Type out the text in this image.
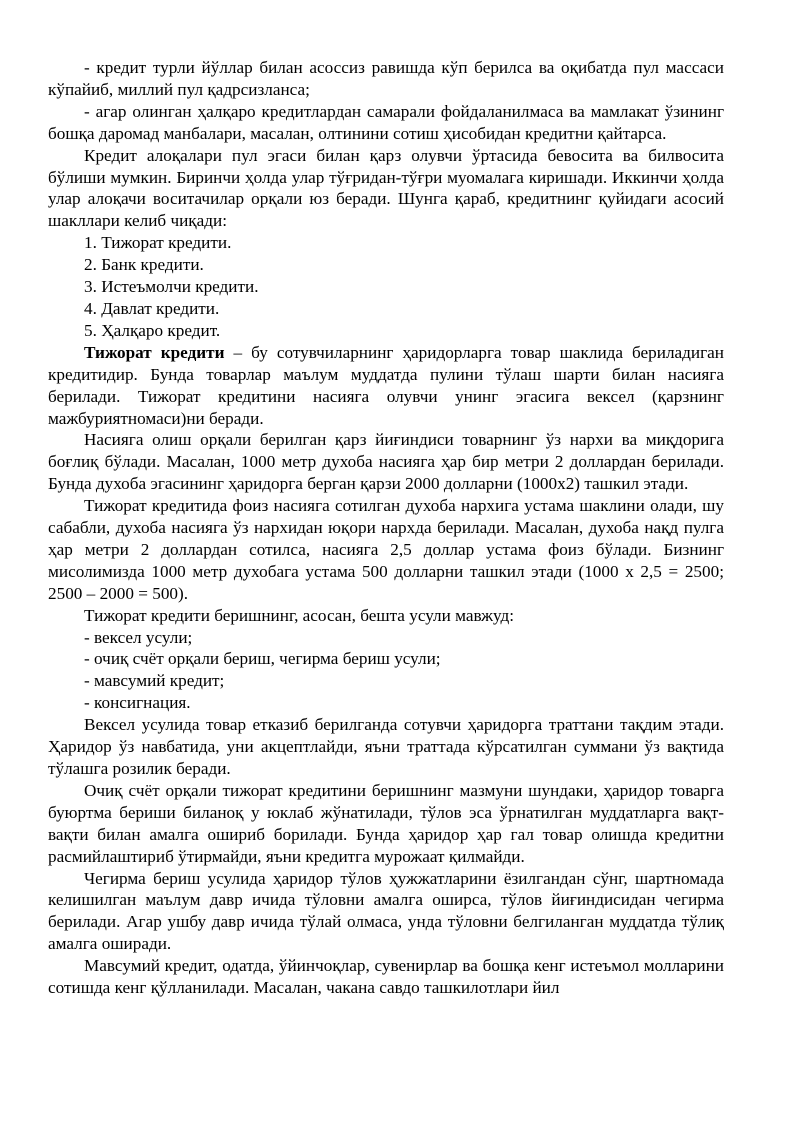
- кредит турли йўллар билан асоссиз равишда кўп берилса ва оқибатда пул массаси кўпайиб, миллий пул қадрсизланса;

- агар олинган ҳалқаро кредитлардан самарали фойдаланилмаса ва мамлакат ўзининг бошқа даромад манбалари, масалан, олтинини сотиш ҳисобидан кредитни қайтарса.

Кредит алоқалари пул эгаси билан қарз олувчи ўртасида бевосита ва билвосита бўлиши мумкин. Биринчи ҳолда улар тўғридан-тўғри муомалага киришади. Иккинчи ҳолда улар алоқачи воситачилар орқали юз беради. Шунга қараб, кредитнинг қуйидаги асосий шакллари келиб чиқади:

1. Тижорат кредити.

2. Банк кредити.

3. Истеъмолчи кредити.

4. Давлат кредити.

5. Ҳалқаро кредит.

Тижорат кредити – бу сотувчиларнинг ҳаридорларга товар шаклида бериладиган кредитидир. Бунда товарлар маълум муддатда пулини тўлаш шарти билан насияга берилади. Тижорат кредитини насияга олувчи унинг эгасига вексел (қарзнинг мажбуриятномаси)ни беради.

Насияга олиш орқали берилган қарз йиғиндиси товарнинг ўз нархи ва миқдорига боғлиқ бўлади. Масалан, 1000 метр духоба насияга ҳар бир метри 2 доллардан берилади. Бунда духоба эгасининг ҳаридорга берган қарзи 2000 долларни (1000х2) ташкил этади.

Тижорат кредитида фоиз насияга сотилган духоба нархига устама шаклини олади, шу сабабли, духоба насияга ўз нархидан юқори нархда берилади. Масалан, духоба нақд пулга ҳар метри 2 доллардан сотилса, насияга 2,5 доллар устама фоиз бўлади. Бизнинг мисолимизда 1000 метр духобага устама 500 долларни ташкил этади (1000 х 2,5 = 2500; 2500 – 2000 = 500).

Тижорат кредити беришнинг, асосан, бешта усули мавжуд:

- вексел усули;

- очиқ счёт орқали бериш, чегирма бериш усули;

- мавсумий кредит;

- консигнация.

Вексел усулида товар етказиб берилганда сотувчи ҳаридорга траттани тақдим этади. Ҳаридор ўз навбатида, уни акцептлайди, яъни траттада кўрсатилган суммани ўз вақтида тўлашга розилик беради.

Очиқ счёт орқали тижорат кредитини беришнинг мазмуни шундаки, ҳаридор товарга буюртма бериши биланоқ у юклаб жўнатилади, тўлов эса ўрнатилган муддатларга вақт-вақти билан амалга ошириб борилади. Бунда ҳаридор ҳар гал товар олишда кредитни расмийлаштириб ўтирмайди, яъни кредитга мурожаат қилмайди.

Чегирма бериш усулида ҳаридор тўлов ҳужжатларини ёзилгандан сўнг, шартномада келишилган маълум давр ичида тўловни амалга оширса, тўлов йиғиндисидан чегирма берилади. Агар ушбу давр ичида тўлай олмаса, унда тўловни белгиланган муддатда тўлиқ амалга оширади.

Мавсумий кредит, одатда, ўйинчоқлар, сувенирлар ва бошқа кенг истеъмол молларини сотишда кенг қўлланилади. Масалан, чакана савдо ташкилотлари йил
